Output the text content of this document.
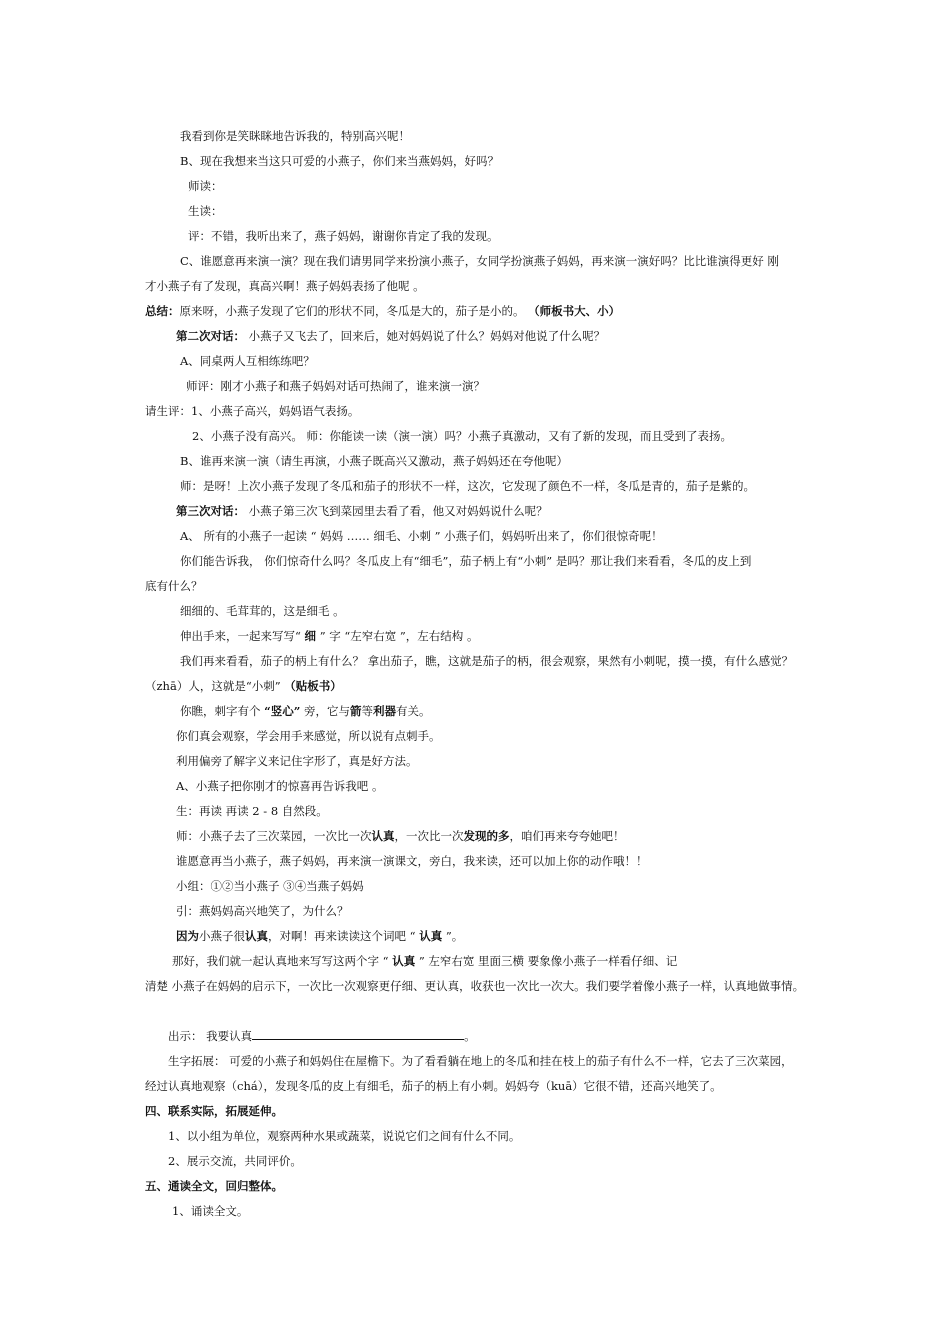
我看到你是笑眯眯地告诉我的，特别高兴呢！
B、现在我想来当这只可爱的小燕子，你们来当燕妈妈，好吗？
师读：
生读：
评：不错，我听出来了，燕子妈妈，谢谢你肯定了我的发现。
C、谁愿意再来演一演？现在我们请男同学来扮演小燕子，女同学扮演燕子妈妈，再来演一演好吗？比比谁演得更好 刚
才小燕子有了发现，真高兴啊！燕子妈妈表扬了他呢 。
总结：原来呀，小燕子发现了它们的形状不同，冬瓜是大的，茄子是小的。 （师板书大、小）
第二次对话： 小燕子又飞去了，回来后，她对妈妈说了什么？妈妈对他说了什么呢？
A、同桌两人互相练练吧？
师评：刚才小燕子和燕子妈妈对话可热闹了，谁来演一演？
请生评：1、小燕子高兴，妈妈语气表扬。
2、小燕子没有高兴。 师：你能读一读（演一演）吗？小燕子真激动，又有了新的发现，而且受到了表扬。
B、谁再来演一演（请生再演，小燕子既高兴又激动，燕子妈妈还在夸他呢）
师：是呀！上次小燕子发现了冬瓜和茄子的形状不一样，这次，它发现了颜色不一样，冬瓜是青的，茄子是紫的。
第三次对话： 小燕子第三次飞到菜园里去看了看，他又对妈妈说什么呢？
A、 所有的小燕子一起读 “ 妈妈 …… 细毛、小刺 ” 小燕子们，妈妈听出来了，你们很惊奇呢！
你们能告诉我， 你们惊奇什么吗？冬瓜皮上有“细毛”，茄子柄上有“小刺” 是吗？那让我们来看看，冬瓜的皮上到
底有什么？
细细的、毛茸茸的，这是细毛 。
伸出手来，一起来写写“ 细 ” 字 “左窄右宽 ”，左右结构 。
我们再来看看，茄子的柄上有什么？ 拿出茄子，瞧，这就是茄子的柄，很会观察，果然有小刺呢，摸一摸，有什么感觉？
（zhā）人，这就是“小刺” （贴板书）
你瞧，刺字有个 “竖心” 旁，它与箭等利器有关。
你们真会观察，学会用手来感觉，所以说有点刺手。
利用偏旁了解字义来记住字形了，真是好方法。
A、小燕子把你刚才的惊喜再告诉我吧 。
生：再读 再读 2 - 8 自然段。
师：小燕子去了三次菜园，一次比一次认真，一次比一次发现的多，咱们再来夸夸她吧！
谁愿意再当小燕子，燕子妈妈，再来演一演课文，旁白，我来读，还可以加上你的动作哦！！
小组：①②当小燕子 ③④当燕子妈妈
引：燕妈妈高兴地笑了，为什么？
因为小燕子很认真，对啊！再来读读这个词吧 “ 认真 ”。
那好，我们就一起认真地来写写这两个字 “ 认真 ” 左窄右宽 里面三横 要象像小燕子一样看仔细、记
清楚 小燕子在妈妈的启示下，一次比一次观察更仔细、更认真，收获也一次比一次大。我们要学着像小燕子一样，认真地做事情。
出示： 我要认真	。
生字拓展： 可爱的小燕子和妈妈住在屋檐下。为了看看躺在地上的冬瓜和挂在枝上的茄子有什么不一样，它去了三次菜园，
经过认真地观察（chá），发现冬瓜的皮上有细毛，茄子的柄上有小刺。妈妈夸（kuā）它很不错，还高兴地笑了。
四、联系实际，拓展延伸。
1、以小组为单位，观察两种水果或蔬菜，说说它们之间有什么不同。
2、展示交流，共同评价。
五、通读全文，回归整体。
1、诵读全文。
